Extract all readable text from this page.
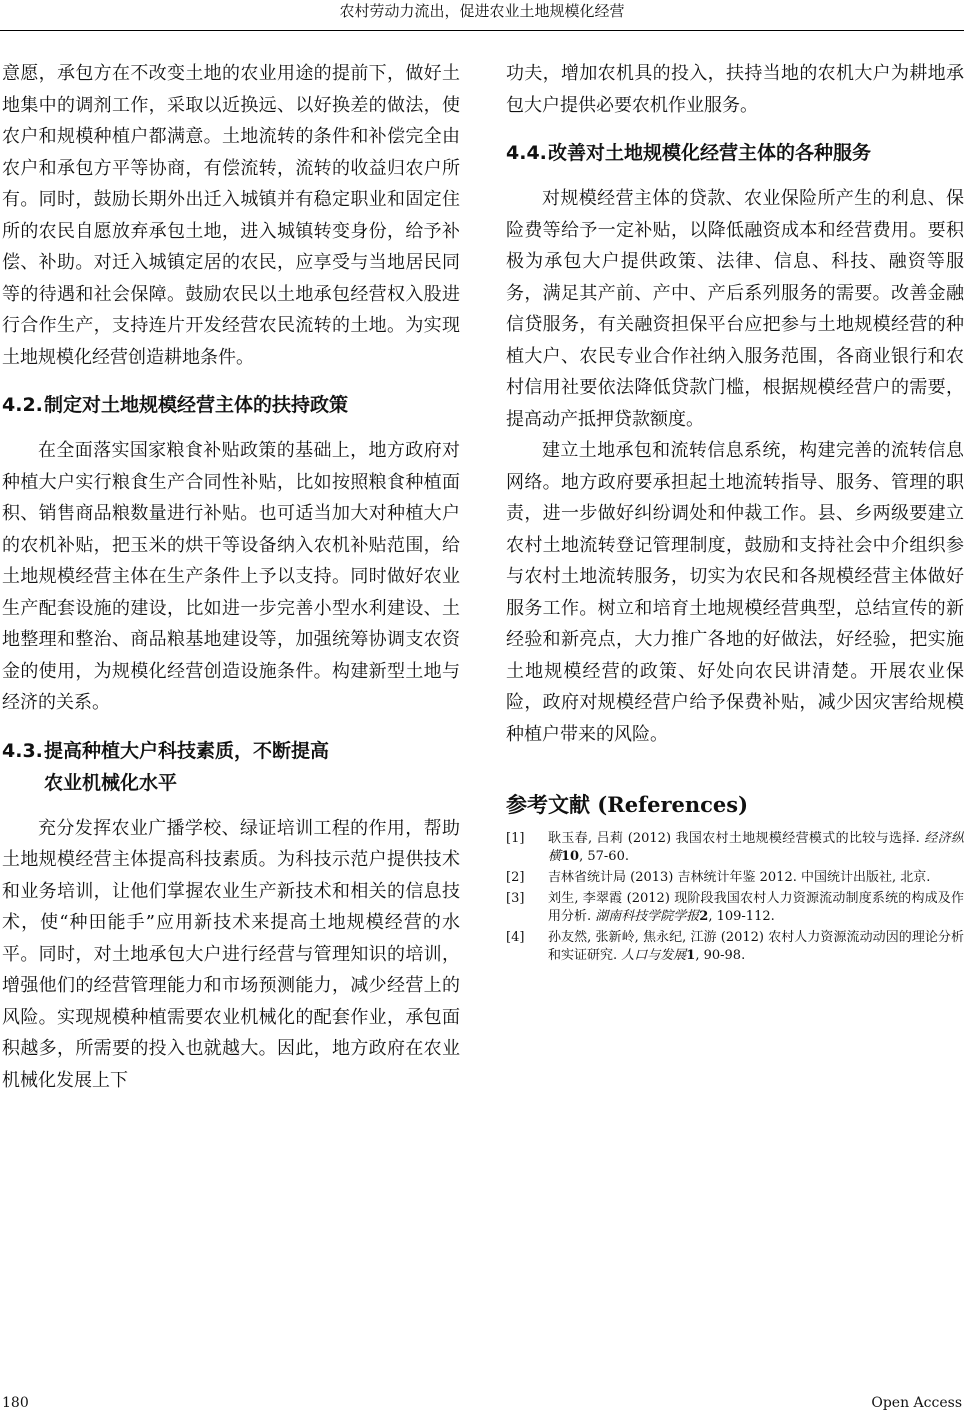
农村劳动力流出，促进农业土地规模化经营

意愿，承包方在不改变土地的农业用途的提前下，做好土地集中的调剂工作，采取以近换远、以好换差的做法，使农户和规模种植户都满意。土地流转的条件和补偿完全由农户和承包方平等协商，有偿流转，流转的收益归农户所有。同时，鼓励长期外出迁入城镇并有稳定职业和固定住所的农民自愿放弃承包土地，进入城镇转变身份，给予补偿、补助。对迁入城镇定居的农民，应享受与当地居民同等的待遇和社会保障。鼓励农民以土地承包经营权入股进行合作生产，支持连片开发经营农民流转的土地。为实现土地规模化经营创造耕地条件。

4.2.制定对土地规模经营主体的扶持政策

在全面落实国家粮食补贴政策的基础上，地方政府对种植大户实行粮食生产合同性补贴，比如按照粮食种植面积、销售商品粮数量进行补贴。也可适当加大对种植大户的农机补贴，把玉米的烘干等设备纳入农机补贴范围，给土地规模经营主体在生产条件上予以支持。同时做好农业生产配套设施的建设，比如进一步完善小型水利建设、土地整理和整治、商品粮基地建设等，加强统筹协调支农资金的使用，为规模化经营创造设施条件。构建新型土地与经济的关系。

4.3.提高种植大户科技素质，不断提高
农业机械化水平

充分发挥农业广播学校、绿证培训工程的作用，帮助土地规模经营主体提高科技素质。为科技示范户提供技术和业务培训，让他们掌握农业生产新技术和相关的信息技术，使“种田能手”应用新技术来提高土地规模经营的水平。同时，对土地承包大户进行经营与管理知识的培训，增强他们的经营管理能力和市场预测能力，减少经营上的风险。实现规模种植需要农业机械化的配套作业，承包面积越多，所需要的投入也就越大。因此，地方政府在农业机械化发展上下

功夫，增加农机具的投入，扶持当地的农机大户为耕地承包大户提供必要农机作业服务。

4.4.改善对土地规模化经营主体的各种服务

对规模经营主体的贷款、农业保险所产生的利息、保险费等给予一定补贴，以降低融资成本和经营费用。要积极为承包大户提供政策、法律、信息、科技、融资等服务，满足其产前、产中、产后系列服务的需要。改善金融信贷服务，有关融资担保平台应把参与土地规模经营的种植大户、农民专业合作社纳入服务范围，各商业银行和农村信用社要依法降低贷款门槛，根据规模经营户的需要，提高动产抵押贷款额度。

建立土地承包和流转信息系统，构建完善的流转信息网络。地方政府要承担起土地流转指导、服务、管理的职责，进一步做好纠纷调处和仲裁工作。县、乡两级要建立农村土地流转登记管理制度，鼓励和支持社会中介组织参与农村土地流转服务，切实为农民和各规模经营主体做好服务工作。树立和培育土地规模经营典型，总结宣传的新经验和新亮点，大力推广各地的好做法，好经验，把实施土地规模经营的政策、好处向农民讲清楚。开展农业保险，政府对规模经营户给予保费补贴，减少因灾害给规模种植户带来的风险。

参考文献 (References)
[1] 耿玉春, 吕莉 (2012) 我国农村土地规模经营模式的比较与选择. 经济纵横10, 57-60.
[2] 吉林省统计局 (2013) 吉林统计年鉴 2012. 中国统计出版社, 北京.
[3] 刘生, 李翠霞 (2012) 现阶段我国农村人力资源流动制度系统的构成及作用分析. 湖南科技学院学报2, 109-112.
[4] 孙友然, 张新岭, 焦永纪, 江游 (2012) 农村人力资源流动动因的理论分析和实证研究. 人口与发展1, 90-98.
180	Open Access
